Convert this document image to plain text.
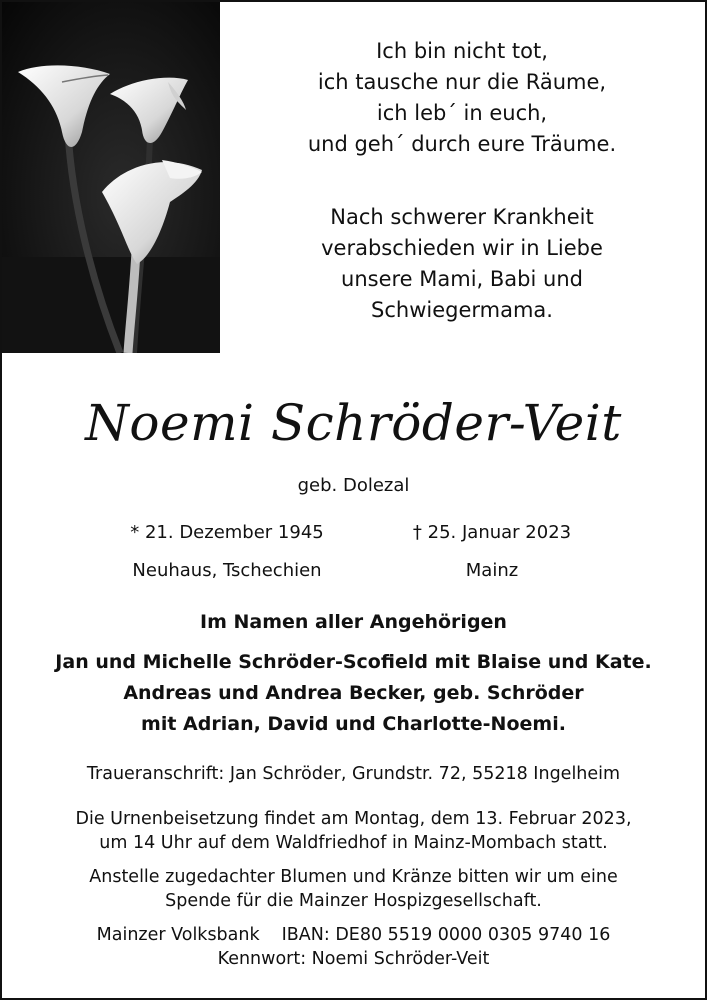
Ich bin nicht tot,
ich tausche nur die Räume,
ich leb´ in euch,
und geh´ durch eure Träume.
Nach schwerer Krankheit
verabschieden wir in Liebe
unsere Mami, Babi und
Schwiegermama.
Noemi Schröder-Veit
geb. Dolezal
* 21. Dezember 1945
Neuhaus, Tschechien
† 25. Januar 2023
Mainz
Im Namen aller Angehörigen
Jan und Michelle Schröder-Scofield mit Blaise und Kate.
Andreas und Andrea Becker, geb. Schröder
mit Adrian, David und Charlotte-Noemi.
Traueranschrift: Jan Schröder, Grundstr. 72, 55218 Ingelheim
Die Urnenbeisetzung findet am Montag, dem 13. Februar 2023,
um 14 Uhr auf dem Waldfriedhof in Mainz-Mombach statt.
Anstelle zugedachter Blumen und Kränze bitten wir um eine
Spende für die Mainzer Hospizgesellschaft.
Mainzer Volksbank IBAN: DE80 5519 0000 0305 9740 16
Kennwort: Noemi Schröder-Veit
